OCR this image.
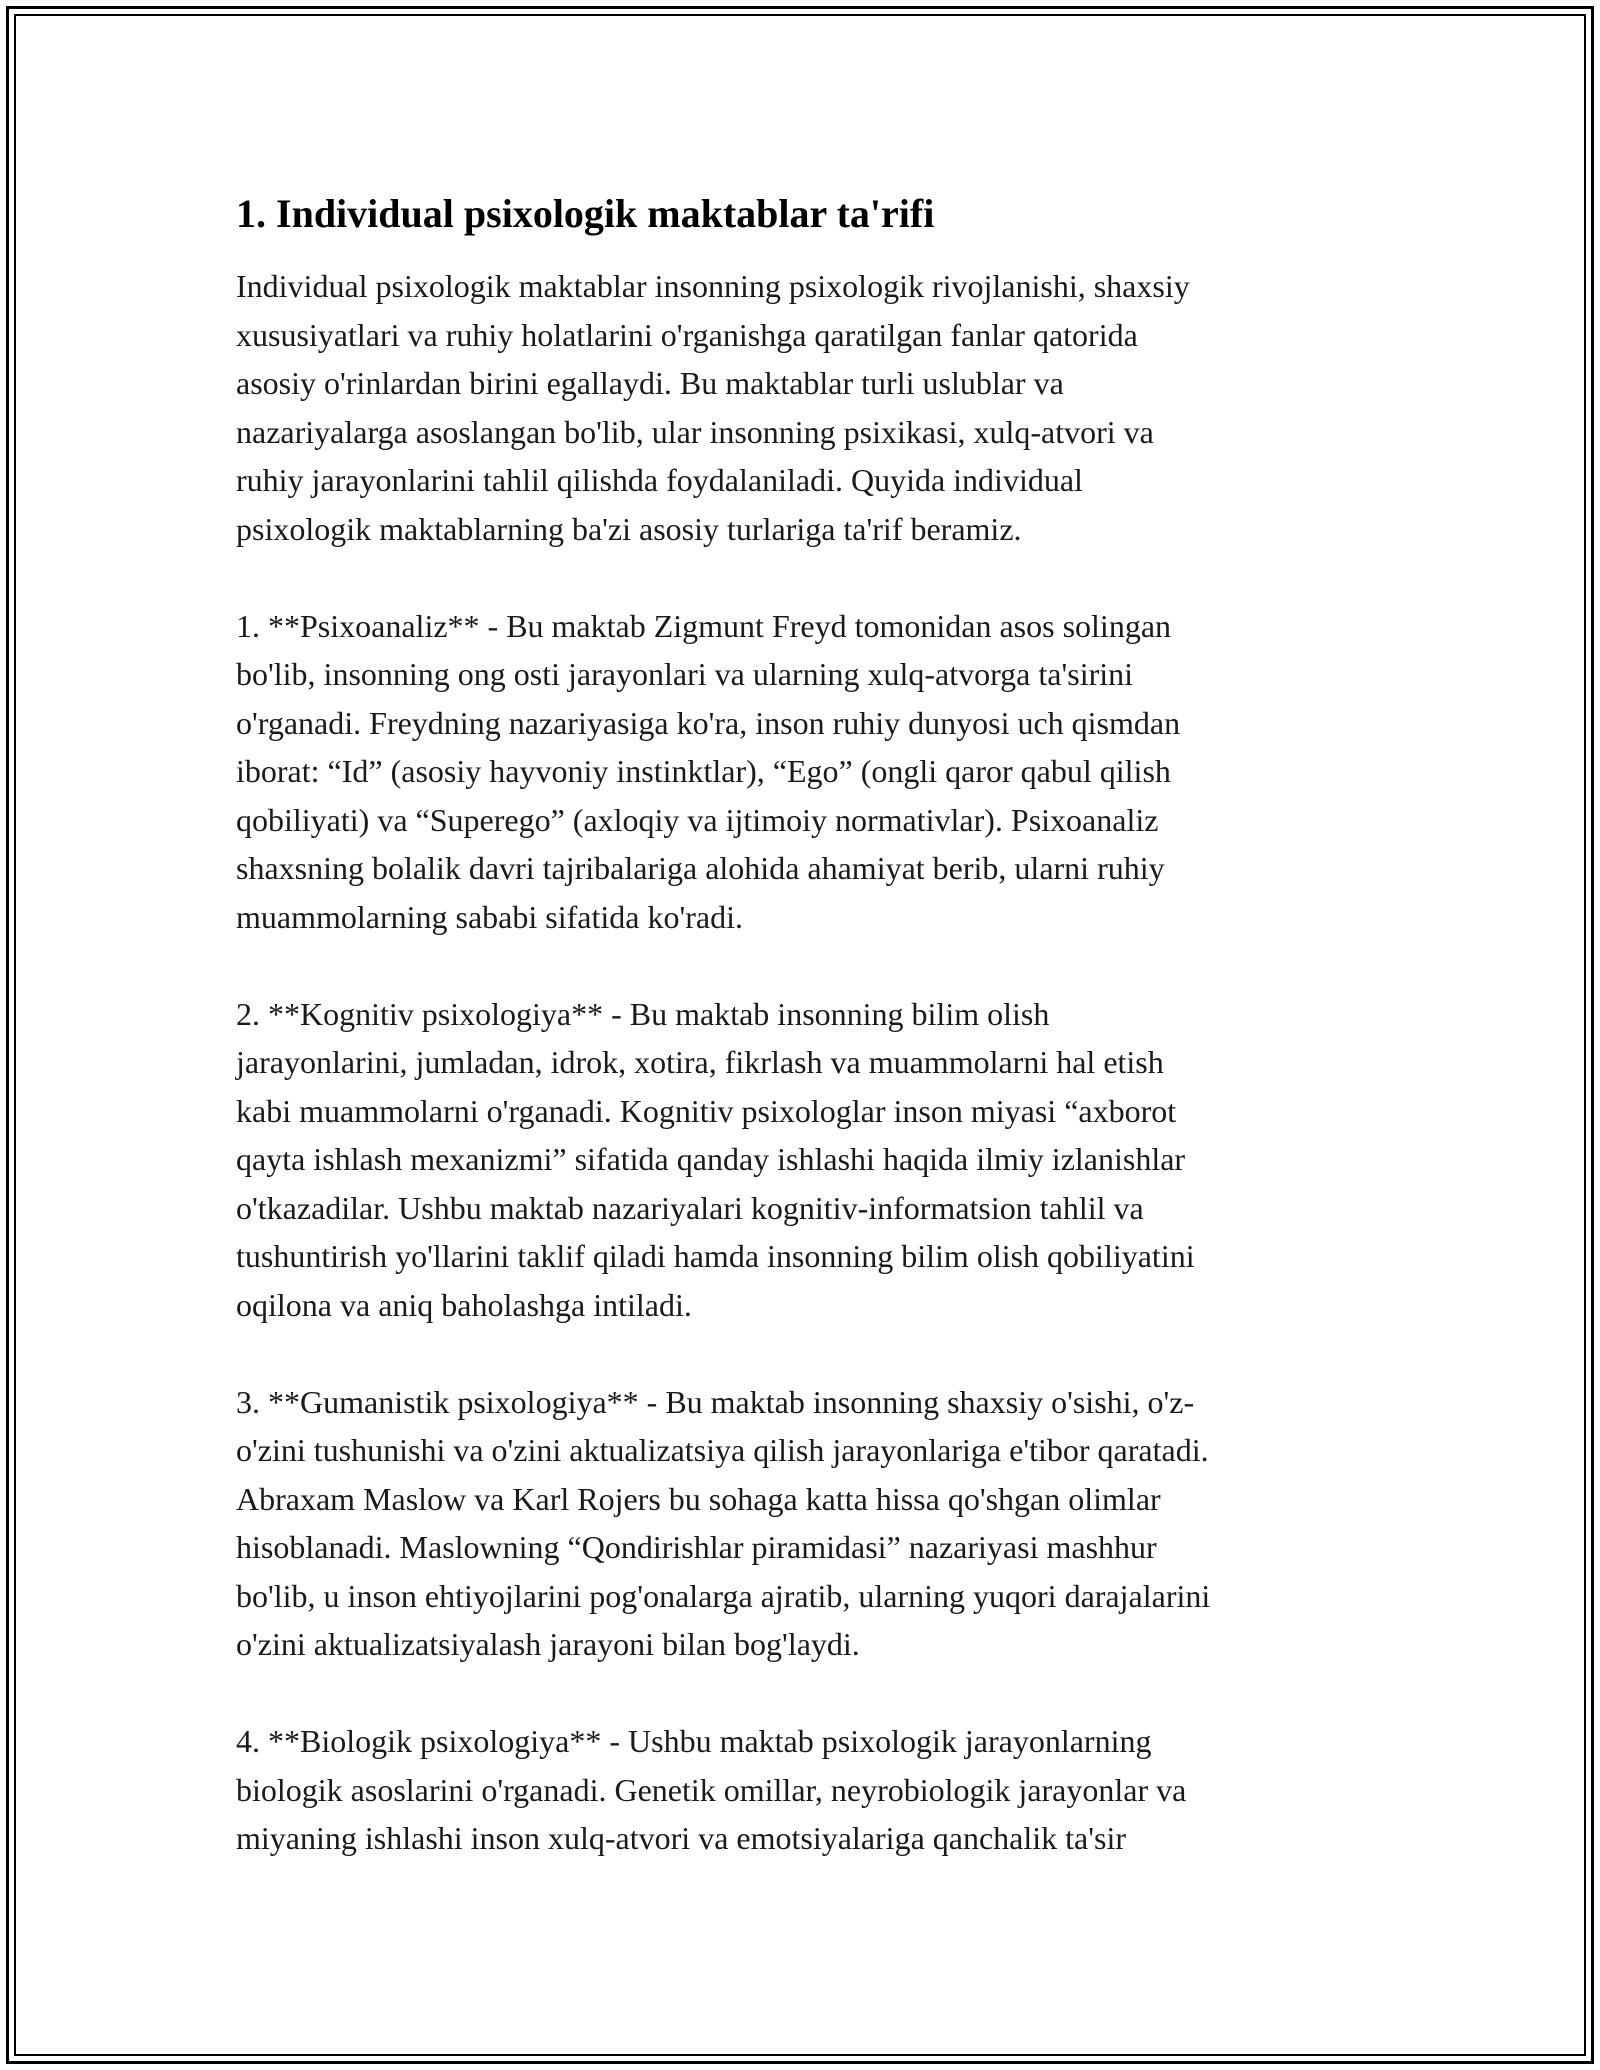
1. Individual psixologik maktablar ta'rifi
Individual psixologik maktablar insonning psixologik rivojlanishi, shaxsiy
xususiyatlari va ruhiy holatlarini o'rganishga qaratilgan fanlar qatorida
asosiy o'rinlardan birini egallaydi. Bu maktablar turli uslublar va
nazariyalarga asoslangan bo'lib, ular insonning psixikasi, xulq-atvori va
ruhiy jarayonlarini tahlil qilishda foydalaniladi. Quyida individual
psixologik maktablarning ba'zi asosiy turlariga ta'rif beramiz.
1. **Psixoanaliz** - Bu maktab Zigmunt Freyd tomonidan asos solingan
bo'lib, insonning ong osti jarayonlari va ularning xulq-atvorga ta'sirini
o'rganadi. Freydning nazariyasiga ko'ra, inson ruhiy dunyosi uch qismdan
iborat: “Id” (asosiy hayvoniy instinktlar), “Ego” (ongli qaror qabul qilish
qobiliyati) va “Superego” (axloqiy va ijtimoiy normativlar). Psixoanaliz
shaxsning bolalik davri tajribalariga alohida ahamiyat berib, ularni ruhiy
muammolarning sababi sifatida ko'radi.
2. **Kognitiv psixologiya** - Bu maktab insonning bilim olish
jarayonlarini, jumladan, idrok, xotira, fikrlash va muammolarni hal etish
kabi muammolarni o'rganadi. Kognitiv psixologlar inson miyasi “axborot
qayta ishlash mexanizmi” sifatida qanday ishlashi haqida ilmiy izlanishlar
o'tkazadilar. Ushbu maktab nazariyalari kognitiv-informatsion tahlil va
tushuntirish yo'llarini taklif qiladi hamda insonning bilim olish qobiliyatini
oqilona va aniq baholashga intiladi.
3. **Gumanistik psixologiya** - Bu maktab insonning shaxsiy o'sishi, o'z-
o'zini tushunishi va o'zini aktualizatsiya qilish jarayonlariga e'tibor qaratadi.
Abraxam Maslow va Karl Rojers bu sohaga katta hissa qo'shgan olimlar
hisoblanadi. Maslowning “Qondirishlar piramidasi” nazariyasi mashhur
bo'lib, u inson ehtiyojlarini pog'onalarga ajratib, ularning yuqori darajalarini
o'zini aktualizatsiyalash jarayoni bilan bog'laydi.
4. **Biologik psixologiya** - Ushbu maktab psixologik jarayonlarning
biologik asoslarini o'rganadi. Genetik omillar, neyrobiologik jarayonlar va
miyaning ishlashi inson xulq-atvori va emotsiyalariga qanchalik ta'sir
